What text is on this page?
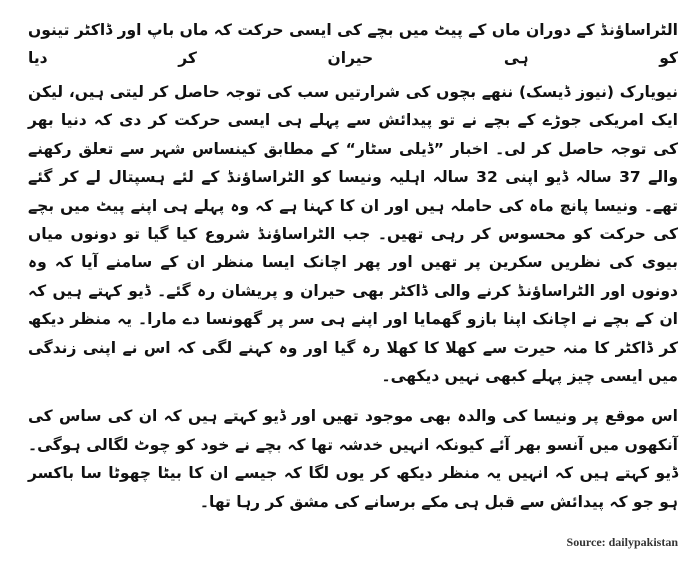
الٹراساؤنڈ کے دوران ماں کے پیٹ میں بچے کی ایسی حرکت کہ ماں باپ اور ڈاکٹر تینوں کو ہی حیران کر دیا

نیویارک (نیوز ڈیسک) ننھے بچوں کی شرارتیں سب کی توجہ حاصل کر لیتی ہیں، لیکن ایک امریکی جوڑے کے بچے نے تو پیدائش سے پہلے ہی ایسی حرکت کر دی کہ دنیا بھر کی توجہ حاصل کر لی۔ اخبار ”ڈیلی سٹار“ کے مطابق کینساس شہر سے تعلق رکھنے والے 37 سالہ ڈیو اپنی 32 سالہ اہلیہ ونیسا کو الٹراساؤنڈ کے لئے ہسپتال لے کر گئے تھے۔ ونیسا پانچ ماہ کی حاملہ ہیں اور ان کا کہنا ہے کہ وہ پہلے ہی اپنے پیٹ میں بچے کی حرکت کو محسوس کر رہی تھیں۔ جب الٹراساؤنڈ شروع کیا گیا تو دونوں میاں بیوی کی نظریں سکرین پر تھیں اور پھر اچانک ایسا منظر ان کے سامنے آیا کہ وہ دونوں اور الٹراساؤنڈ کرنے والی ڈاکٹر بھی حیران و پریشان رہ گئے۔ ڈیو کہتے ہیں کہ ان کے بچے نے اچانک اپنا بازو گھمایا اور اپنے ہی سر پر گھونسا دے مارا۔ یہ منظر دیکھ کر ڈاکٹر کا منہ حیرت سے کھلا کا کھلا رہ گیا اور وہ کہنے لگی کہ اس نے اپنی زندگی میں ایسی چیز پہلے کبھی نہیں دیکھی۔

اس موقع پر ونیسا کی والدہ بھی موجود تھیں اور ڈیو کہتے ہیں کہ ان کی ساس کی آنکھوں میں آنسو بھر آئے کیونکہ انہیں خدشہ تھا کہ بچے نے خود کو چوٹ لگالی ہوگی۔ ڈیو کہتے ہیں کہ انہیں یہ منظر دیکھ کر یوں لگا کہ جیسے ان کا بیٹا چھوٹا سا باکسر ہو جو کہ پیدائش سے قبل ہی مکے برسانے کی مشق کر رہا تھا۔

Source: dailypakistan
